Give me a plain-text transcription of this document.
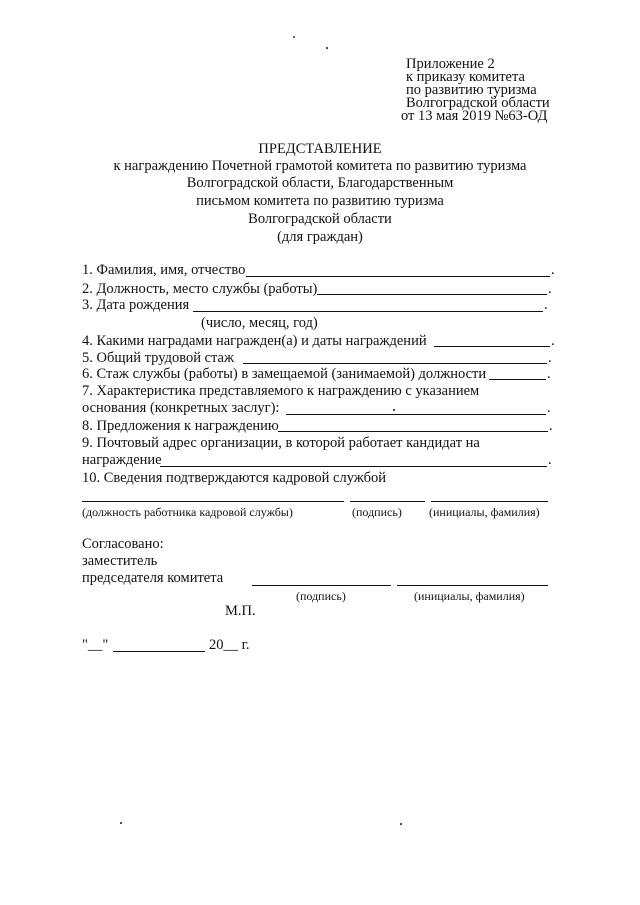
Приложение 2
к приказу комитета
по развитию туризма
Волгоградской области
от 13 мая 2019 №63-ОД
ПРЕДСТАВЛЕНИЕ
к награждению Почетной грамотой комитета по развитию туризма
Волгоградской области, Благодарственным
письмом комитета по развитию туризма
Волгоградской области
(для граждан)
1. Фамилия, имя, отчество	.
2. Должность, место службы (работы)	.
3. Дата рождения	.
(число, месяц, год)
4. Какими наградами награжден(а) и даты награждений	.
5. Общий трудовой стаж	.
6. Стаж службы (работы) в замещаемой (занимаемой) должности	.
7. Характеристика представляемого к награждению с указанием
основания (конкретных заслуг):	.
8. Предложения к награждению	.
9. Почтовый адрес организации, в которой работает кандидат на
награждение	.
10. Сведения подтверждаются кадровой службой
(должность работника кадровой службы)	(подпись) (инициалы, фамилия)
Согласовано:
заместитель
председателя комитета
(подпись)	(инициалы, фамилия)
М.П.
"__"	20__ г.
